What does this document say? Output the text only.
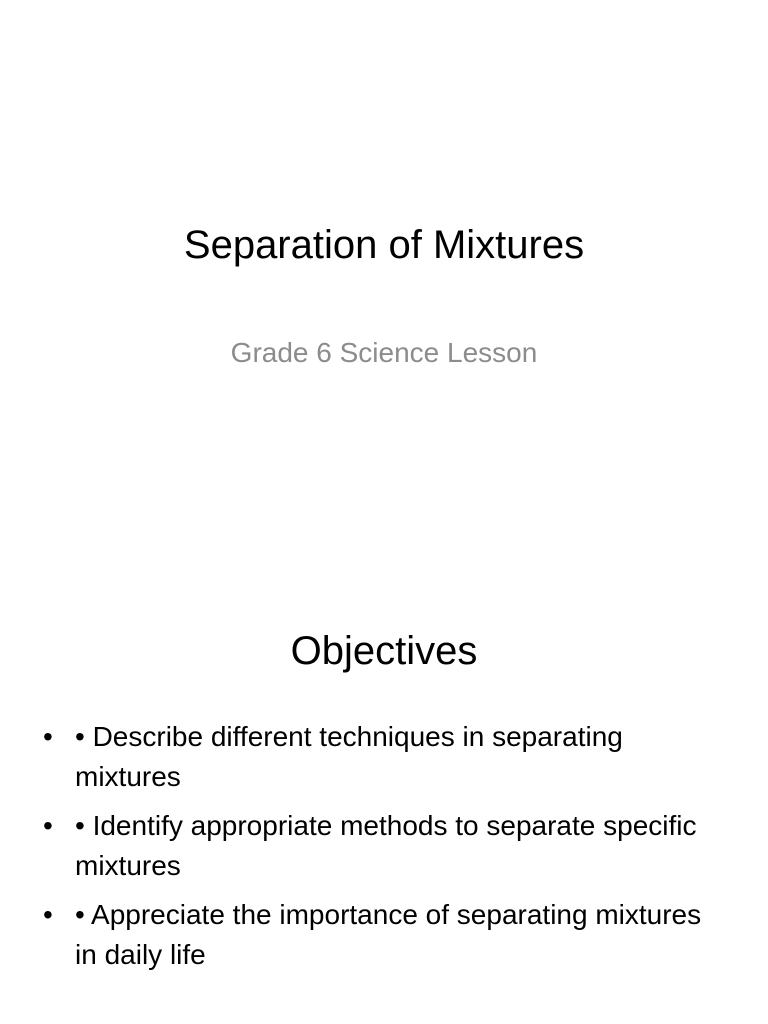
Separation of Mixtures
Grade 6 Science Lesson
Objectives
• • Describe different techniques in separating mixtures
• • Identify appropriate methods to separate specific mixtures
• • Appreciate the importance of separating mixtures in daily life
